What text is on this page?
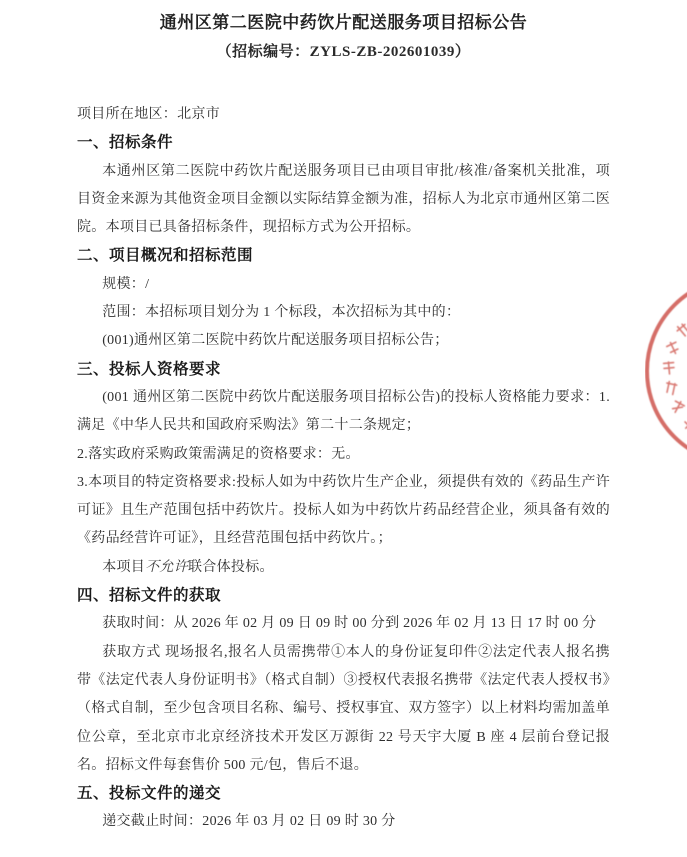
通州区第二医院中药饮片配送服务项目招标公告
（招标编号：ZYLS-ZB-202601039）

项目所在地区：北京市

一、招标条件

本通州区第二医院中药饮片配送服务项目已由项目审批/核准/备案机关批准，项目资金来源为其他资金项目金额以实际结算金额为准，招标人为北京市通州区第二医院。本项目已具备招标条件，现招标方式为公开招标。

二、项目概况和招标范围

规模：/

范围：本招标项目划分为 1 个标段，本次招标为其中的：

(001)通州区第二医院中药饮片配送服务项目招标公告；

三、投标人资格要求

(001 通州区第二医院中药饮片配送服务项目招标公告)的投标人资格能力要求：1.满足《中华人民共和国政府采购法》第二十二条规定；

2.落实政府采购政策需满足的资格要求：无。

3.本项目的特定资格要求:投标人如为中药饮片生产企业，须提供有效的《药品生产许可证》且生产范围包括中药饮片。投标人如为中药饮片药品经营企业，须具备有效的《药品经营许可证》，且经营范围包括中药饮片。；

本项目不允许联合体投标。

四、招标文件的获取

获取时间：从 2026 年 02 月 09 日 09 时 00 分到 2026 年 02 月 13 日 17 时 00 分

获取方式 现场报名,报名人员需携带①本人的身份证复印件②法定代表人报名携带《法定代表人身份证明书》（格式自制）③授权代表报名携带《法定代表人授权书》（格式自制，至少包含项目名称、编号、授权事宜、双方签字）以上材料均需加盖单位公章，至北京市北京经济技术开发区万源街 22 号天宇大厦 B 座 4 层前台登记报名。招标文件每套售价 500 元/包，售后不退。

五、投标文件的递交

递交截止时间：2026 年 03 月 02 日 09 时 30 分
